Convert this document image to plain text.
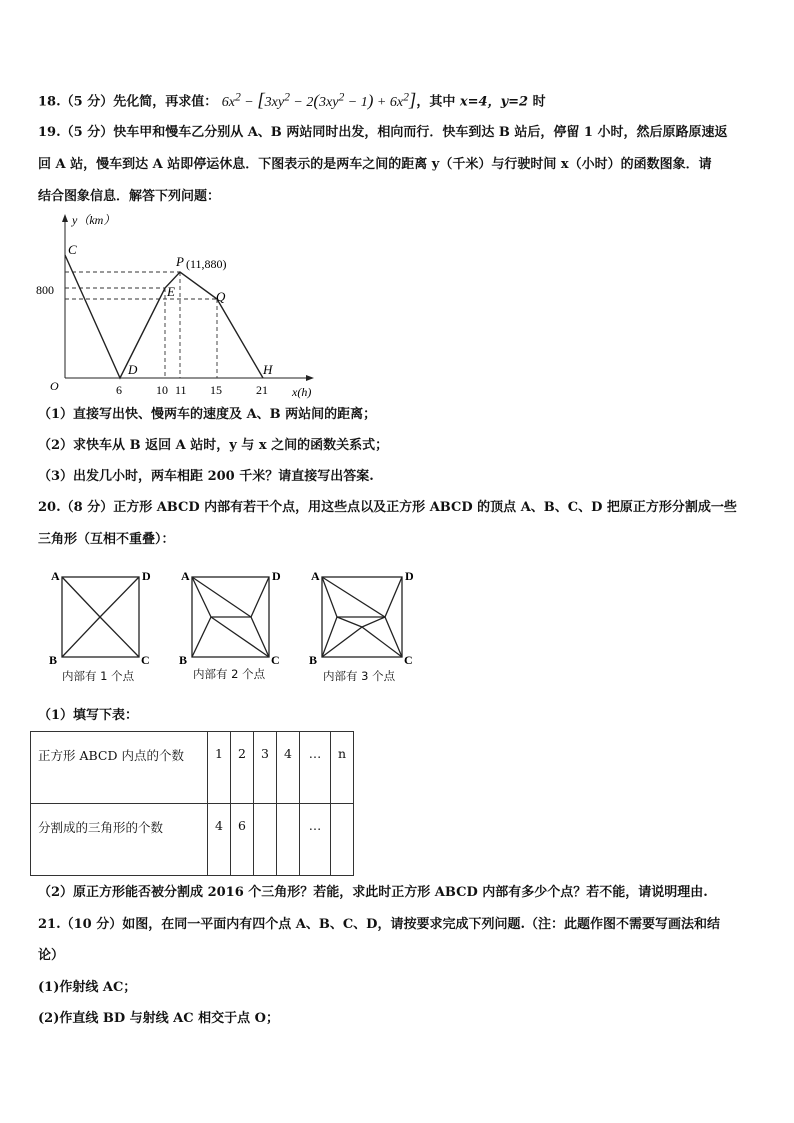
18.（5 分）先化简，再求值： $6x^2 - [3xy^2 - 2(3xy^2 - 1) + 6x^2]$，其中 x=4，y=2 时
19.（5 分）快车甲和慢车乙分别从 A、B 两站同时出发，相向而行．快车到达 B 站后，停留 1 小时，然后原路原速返
回 A 站，慢车到达 A 站即停运休息．下图表示的是两车之间的距离 y（千米）与行驶时间 x（小时）的函数图象．请
结合图象信息．解答下列问题：
y（km）
x(h)
O
800
6	10 11 15	21
C
D
E
P (11,880)
Q
H
（1）直接写出快、慢两车的速度及 A、B 两站间的距离；
（2）求快车从 B 返回 A 站时，y 与 x 之间的函数关系式；
（3）出发几小时，两车相距 200 千米？请直接写出答案.
20.（8 分）正方形 ABCD 内部有若干个点，用这些点以及正方形 ABCD 的顶点 A、B、C、D 把原正方形分割成一些
三角形（互相不重叠）：
A
B	C
D
内部有 1 个点
A
B	C
D
内部有 2 个点
A
B	C
D
内部有 3 个点
（1）填写下表：
正方形 ABCD 内点的个数	1	2	3	4	…	n

分割成的三角形的个数	4	6			…	

（2）原正方形能否被分割成 2016 个三角形？若能，求此时正方形 ABCD 内部有多少个点？若不能，请说明理由.
21.（10 分）如图，在同一平面内有四个点 A、B、C、D，请按要求完成下列问题.（注：此题作图不需要写画法和结
论）
(1)作射线 AC；
(2)作直线 BD 与射线 AC 相交于点 O；
